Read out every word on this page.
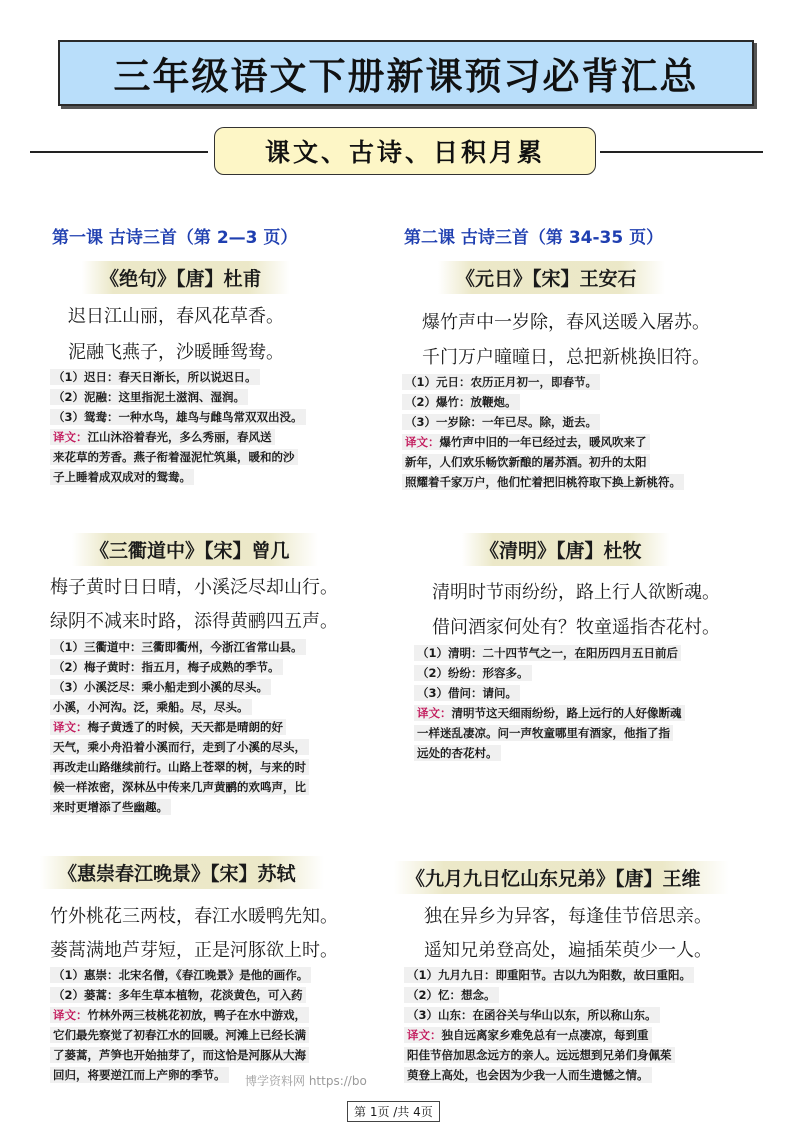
三年级语文下册新课预习必背汇总
课文、古诗、日积月累
第一课 古诗三首（第 2—3 页）	第二课 古诗三首（第 34-35 页）
《绝句》【唐】杜甫
迟日江山丽，春风花草香。
泥融飞燕子，沙暖睡鸳鸯。
（1）迟日：春天日渐长，所以说迟日。
（2）泥融：这里指泥土滋润、湿润。
（3）鸳鸯：一种水鸟，雄鸟与雌鸟常双双出没。
译文：江山沐浴着春光，多么秀丽，春风送
来花草的芳香。燕子衔着湿泥忙筑巢，暖和的沙
子上睡着成双成对的鸳鸯。
《元日》【宋】王安石
爆竹声中一岁除，春风送暖入屠苏。
千门万户曈曈日，总把新桃换旧符。
（1）元日：农历正月初一，即春节。
（2）爆竹：放鞭炮。
（3）一岁除：一年已尽。除，逝去。
译文：爆竹声中旧的一年已经过去，暖风吹来了
新年，人们欢乐畅饮新酿的屠苏酒。初升的太阳
照耀着千家万户，他们忙着把旧桃符取下换上新桃符。
《三衢道中》【宋】曾几
梅子黄时日日晴，小溪泛尽却山行。
绿阴不减来时路，添得黄鹂四五声。
（1）三衢道中：三衢即衢州，今浙江省常山县。
（2）梅子黄时：指五月，梅子成熟的季节。
（3）小溪泛尽：乘小船走到小溪的尽头。
小溪，小河沟。泛，乘船。尽，尽头。
译文：梅子黄透了的时候，天天都是晴朗的好
天气，乘小舟沿着小溪而行，走到了小溪的尽头，
再改走山路继续前行。山路上苍翠的树，与来的时
候一样浓密，深林丛中传来几声黄鹂的欢鸣声，比
来时更增添了些幽趣。
《清明》【唐】杜牧
清明时节雨纷纷，路上行人欲断魂。
借问酒家何处有？牧童遥指杏花村。
（1）清明：二十四节气之一，在阳历四月五日前后
（2）纷纷：形容多。
（3）借问：请问。
译文：清明节这天细雨纷纷，路上远行的人好像断魂
一样迷乱凄凉。问一声牧童哪里有酒家，他指了指
远处的杏花村。
《惠崇春江晚景》【宋】苏轼
竹外桃花三两枝，春江水暖鸭先知。
蒌蒿满地芦芽短，正是河豚欲上时。
（1）惠崇：北宋名僧，《春江晚景》是他的画作。
（2）蒌蒿：多年生草本植物，花淡黄色，可入药
译文：竹林外两三枝桃花初放，鸭子在水中游戏，
它们最先察觉了初春江水的回暖。河滩上已经长满
了蒌蒿，芦笋也开始抽芽了，而这恰是河豚从大海
回归，将要逆江而上产卵的季节。
《九月九日忆山东兄弟》【唐】王维
独在异乡为异客，每逢佳节倍思亲。
遥知兄弟登高处，遍插茱萸少一人。
（1）九月九日：即重阳节。古以九为阳数，故曰重阳。
（2）忆：想念。
（3）山东：在函谷关与华山以东，所以称山东。
译文：独自远离家乡难免总有一点凄凉，每到重
阳佳节倍加思念远方的亲人。远远想到兄弟们身佩茱
萸登上高处，也会因为少我一人而生遗憾之情。
博学资料网 https://bo
第 1页 /共 4页
